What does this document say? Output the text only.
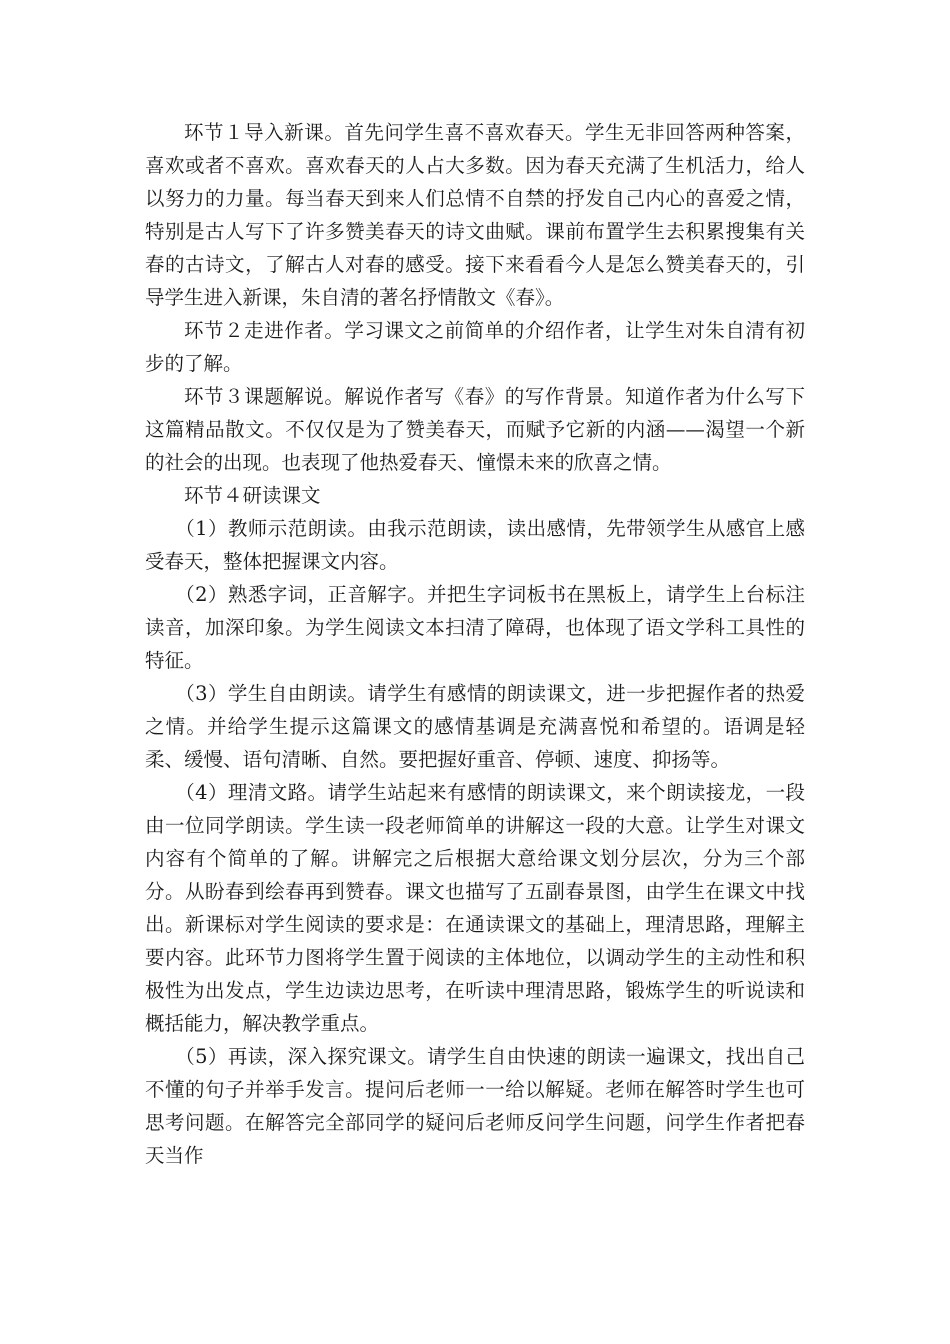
环节１导入新课。首先问学生喜不喜欢春天。学生无非回答两种答案，喜欢或者不喜欢。喜欢春天的人占大多数。因为春天充满了生机活力，给人以努力的力量。每当春天到来人们总情不自禁的抒发自己内心的喜爱之情，特别是古人写下了许多赞美春天的诗文曲赋。课前布置学生去积累搜集有关春的古诗文，了解古人对春的感受。接下来看看今人是怎么赞美春天的，引导学生进入新课，朱自清的著名抒情散文《春》。

环节２走进作者。学习课文之前简单的介绍作者，让学生对朱自清有初步的了解。

环节３课题解说。解说作者写《春》的写作背景。知道作者为什么写下这篇精品散文。不仅仅是为了赞美春天，而赋予它新的内涵——渴望一个新的社会的出现。也表现了他热爱春天、憧憬未来的欣喜之情。

环节４研读课文

（1）教师示范朗读。由我示范朗读，读出感情，先带领学生从感官上感受春天，整体把握课文内容。

（2）熟悉字词，正音解字。并把生字词板书在黑板上，请学生上台标注读音，加深印象。为学生阅读文本扫清了障碍，也体现了语文学科工具性的特征。

（3）学生自由朗读。请学生有感情的朗读课文，进一步把握作者的热爱之情。并给学生提示这篇课文的感情基调是充满喜悦和希望的。语调是轻柔、缓慢、语句清晰、自然。要把握好重音、停顿、速度、抑扬等。

（4）理清文路。请学生站起来有感情的朗读课文，来个朗读接龙，一段由一位同学朗读。学生读一段老师简单的讲解这一段的大意。让学生对课文内容有个简单的了解。讲解完之后根据大意给课文划分层次，分为三个部分。从盼春到绘春再到赞春。课文也描写了五副春景图，由学生在课文中找出。新课标对学生阅读的要求是：在通读课文的基础上，理清思路，理解主要内容。此环节力图将学生置于阅读的主体地位，以调动学生的主动性和积极性为出发点，学生边读边思考，在听读中理清思路，锻炼学生的听说读和概括能力，解决教学重点。

（5）再读，深入探究课文。请学生自由快速的朗读一遍课文，找出自己不懂的句子并举手发言。提问后老师一一给以解疑。老师在解答时学生也可思考问题。在解答完全部同学的疑问后老师反问学生问题，问学生作者把春天当作
